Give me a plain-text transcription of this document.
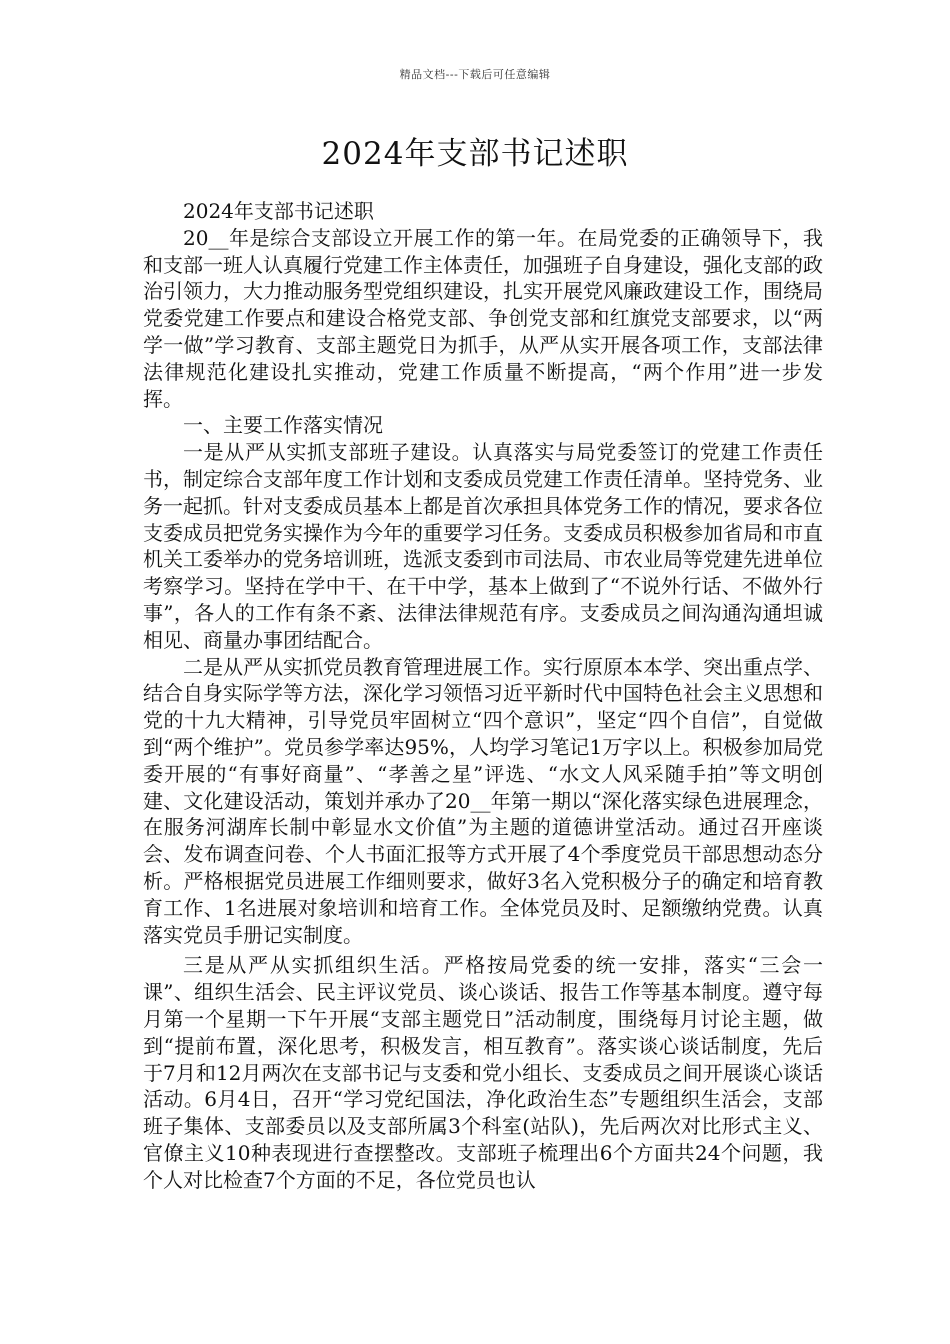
精品文档---下载后可任意编辑
2024年支部书记述职

2024年支部书记述职

20__年是综合支部设立开展工作的第一年。在局党委的正确领导下，我和支部一班人认真履行党建工作主体责任，加强班子自身建设，强化支部的政治引领力，大力推动服务型党组织建设，扎实开展党风廉政建设工作，围绕局党委党建工作要点和建设合格党支部、争创党支部和红旗党支部要求，以“两学一做”学习教育、支部主题党日为抓手，从严从实开展各项工作，支部法律法律规范化建设扎实推动，党建工作质量不断提高，“两个作用”进一步发挥。

一、主要工作落实情况

一是从严从实抓支部班子建设。认真落实与局党委签订的党建工作责任书，制定综合支部年度工作计划和支委成员党建工作责任清单。坚持党务、业务一起抓。针对支委成员基本上都是首次承担具体党务工作的情况，要求各位支委成员把党务实操作为今年的重要学习任务。支委成员积极参加省局和市直机关工委举办的党务培训班，选派支委到市司法局、市农业局等党建先进单位考察学习。坚持在学中干、在干中学，基本上做到了“不说外行话、不做外行事”，各人的工作有条不紊、法律法律规范有序。支委成员之间沟通沟通坦诚相见、商量办事团结配合。

二是从严从实抓党员教育管理进展工作。实行原原本本学、突出重点学、结合自身实际学等方法，深化学习领悟习近平新时代中国特色社会主义思想和党的十九大精神，引导党员牢固树立“四个意识”，坚定“四个自信”，自觉做到“两个维护”。党员参学率达95%，人均学习笔记1万字以上。积极参加局党委开展的“有事好商量”、“孝善之星”评选、“水文人风采随手拍”等文明创建、文化建设活动，策划并承办了20__年第一期以“深化落实绿色进展理念，在服务河湖库长制中彰显水文价值”为主题的道德讲堂活动。通过召开座谈会、发布调查问卷、个人书面汇报等方式开展了4个季度党员干部思想动态分析。严格根据党员进展工作细则要求，做好3名入党积极分子的确定和培育教育工作、1名进展对象培训和培育工作。全体党员及时、足额缴纳党费。认真落实党员手册记实制度。

三是从严从实抓组织生活。严格按局党委的统一安排，落实“三会一课”、组织生活会、民主评议党员、谈心谈话、报告工作等基本制度。遵守每月第一个星期一下午开展“支部主题党日”活动制度，围绕每月讨论主题，做到“提前布置，深化思考，积极发言，相互教育”。落实谈心谈话制度，先后于7月和12月两次在支部书记与支委和党小组长、支委成员之间开展谈心谈话活动。6月4日，召开“学习党纪国法，净化政治生态”专题组织生活会，支部班子集体、支部委员以及支部所属3个科室(站队)，先后两次对比形式主义、官僚主义10种表现进行查摆整改。支部班子梳理出6个方面共24个问题，我个人对比检查7个方面的不足，各位党员也认
